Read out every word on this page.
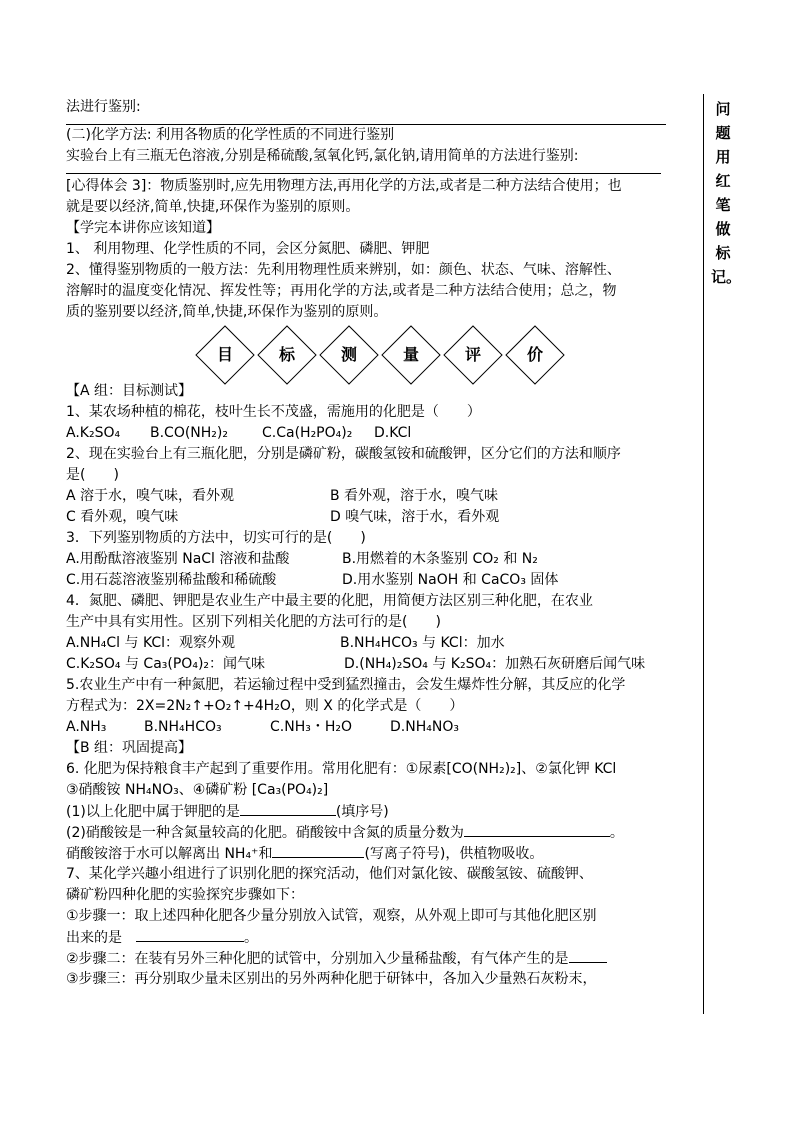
问题用红笔做标记。
法进行鉴别:
(二)化学方法: 利用各物质的化学性质的不同进行鉴别
实验台上有三瓶无色溶液,分别是稀硫酸,氢氧化钙,氯化钠,请用简单的方法进行鉴别:
[心得体会 3]：物质鉴别时,应先用物理方法,再用化学的方法,或者是二种方法结合使用；也
就是要以经济,简单,快捷,环保作为鉴别的原则。
【学完本讲你应该知道】
1、 利用物理、化学性质的不同，会区分氮肥、磷肥、钾肥
2、懂得鉴别物质的一般方法：先利用物理性质来辨别，如：颜色、状态、气味、溶解性、
溶解时的温度变化情况、挥发性等；再用化学的方法,或者是二种方法结合使用；总之，物
质的鉴别要以经济,简单,快捷,环保作为鉴别的原则。
目	标	测	量	评	价
【A 组：目标测试】
1、某农场种植的棉花，枝叶生长不茂盛，需施用的化肥是（　　）
A.K₂SO₄	B.CO(NH₂)₂	C.Ca(H₂PO₄)₂	D.KCl
2、现在实验台上有三瓶化肥，分别是磷矿粉，碳酸氢铵和硫酸钾，区分它们的方法和顺序
是(　　)
A 溶于水，嗅气味，看外观	B 看外观，溶于水，嗅气味
C 看外观，嗅气味	D 嗅气味，溶于水，看外观
3．下列鉴别物质的方法中，切实可行的是(　　)
A.用酚酞溶液鉴别 NaCl 溶液和盐酸	B.用燃着的木条鉴别 CO₂ 和 N₂
C.用石蕊溶液鉴别稀盐酸和稀硫酸	D.用水鉴别 NaOH 和 CaCO₃ 固体
4．氮肥、磷肥、钾肥是农业生产中最主要的化肥，用简便方法区别三种化肥，在农业
生产中具有实用性。区别下列相关化肥的方法可行的是(　　)
A.NH₄Cl 与 KCl：观察外观	B.NH₄HCO₃ 与 KCl：加水
C.K₂SO₄ 与 Ca₃(PO₄)₂：闻气味	D.(NH₄)₂SO₄ 与 K₂SO₄：加熟石灰研磨后闻气味
5.农业生产中有一种氮肥，若运输过程中受到猛烈撞击，会发生爆炸性分解，其反应的化学
方程式为：2X=2N₂↑+O₂↑+4H₂O，则 X 的化学式是（　　）
A.NH₃	B.NH₄HCO₃	C.NH₃・H₂O	D.NH₄NO₃
【B 组：巩固提高】
6. 化肥为保持粮食丰产起到了重要作用。常用化肥有：①尿素[CO(NH₂)₂]、②氯化钾 KCl
③硝酸铵 NH₄NO₃、④磷矿粉 [Ca₃(PO₄)₂]
(1)以上化肥中属于钾肥的是	(填序号)
(2)硝酸铵是一种含氮量较高的化肥。硝酸铵中含氮的质量分数为	。
硝酸铵溶于水可以解离出 NH₄⁺和	(写离子符号)，供植物吸收。
7、某化学兴趣小组进行了识别化肥的探究活动，他们对氯化铵、碳酸氢铵、硫酸钾、
磷矿粉四种化肥的实验探究步骤如下：
①步骤一：取上述四种化肥各少量分别放入试管，观察，从外观上即可与其他化肥区别
出来的是	。
②步骤二：在装有另外三种化肥的试管中，分别加入少量稀盐酸，有气体产生的是
③步骤三：再分别取少量未区别出的另外两种化肥于研钵中，各加入少量熟石灰粉末，
